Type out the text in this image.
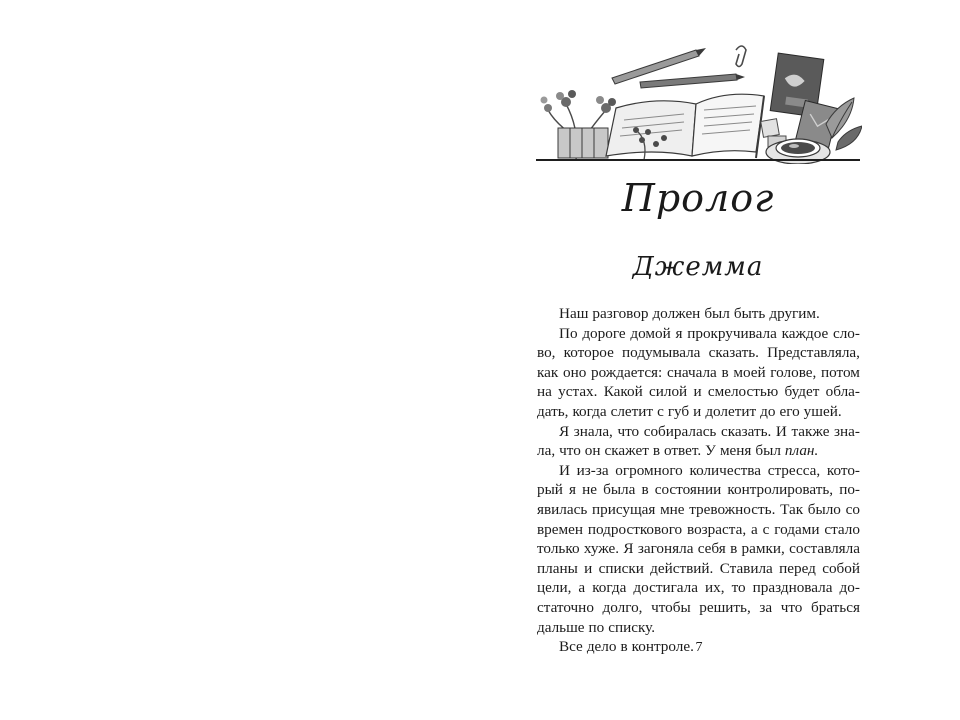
Пролог
Джемма
Наш разговор должен был быть другим.
По дороге домой я прокручивала каждое сло-
во, которое подумывала сказать. Представляла,
как оно рождается: сначала в моей голове, потом
на устах. Какой силой и смелостью будет обла-
дать, когда слетит с губ и долетит до его ушей.
Я знала, что собиралась сказать. И также зна-
ла, что он скажет в ответ. У меня был план.
И из-за огромного количества стресса, кото-
рый я не была в состоянии контролировать, по-
явилась присущая мне тревожность. Так было со
времен подросткового возраста, а с годами стало
только хуже. Я загоняла себя в рамки, составляла
планы и списки действий. Ставила перед собой
цели, а когда достигала их, то праздновала до-
статочно долго, чтобы решить, за что браться
дальше по списку.
Все дело в контроле. 7
